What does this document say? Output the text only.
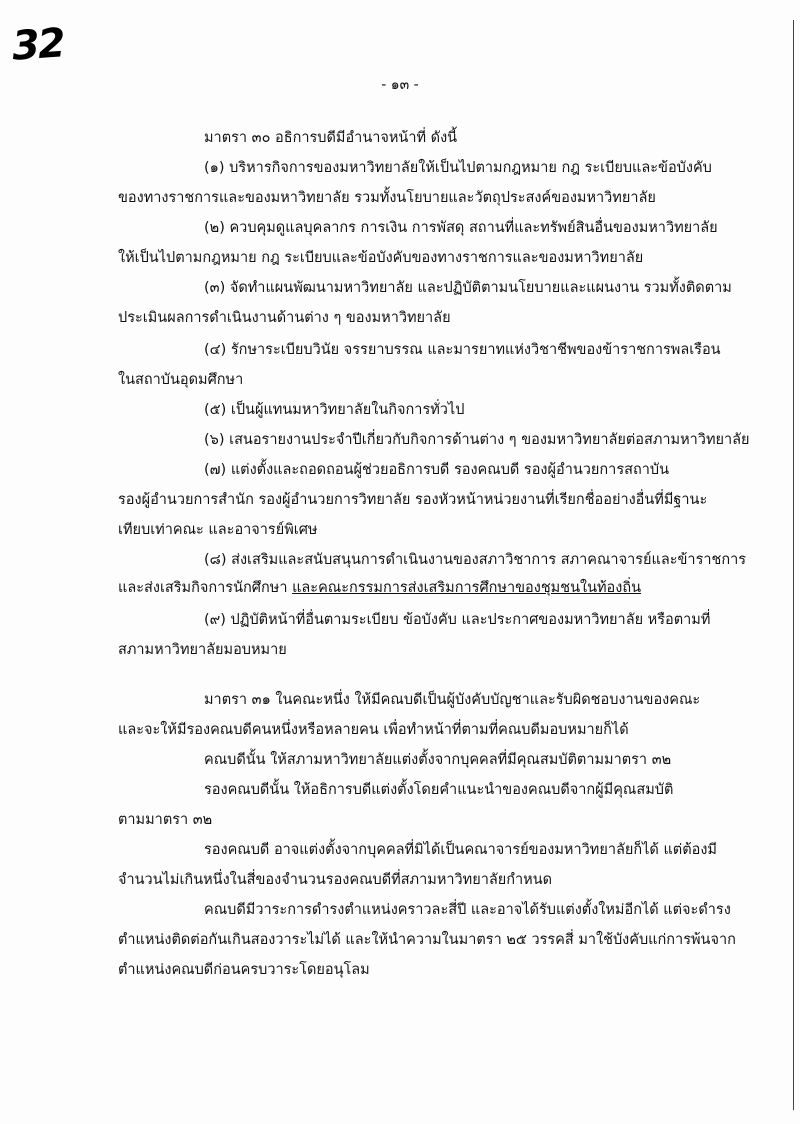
32
- ๑๓ -
มาตรา ๓๐ อธิการบดีมีอำนาจหน้าที่ ดังนี้
(๑) บริหารกิจการของมหาวิทยาลัยให้เป็นไปตามกฎหมาย กฎ ระเบียบและข้อบังคับ
ของทางราชการและของมหาวิทยาลัย รวมทั้งนโยบายและวัตถุประสงค์ของมหาวิทยาลัย
(๒) ควบคุมดูแลบุคลากร การเงิน การพัสดุ สถานที่และทรัพย์สินอื่นของมหาวิทยาลัย
ให้เป็นไปตามกฎหมาย กฎ ระเบียบและข้อบังคับของทางราชการและของมหาวิทยาลัย
(๓) จัดทำแผนพัฒนามหาวิทยาลัย และปฏิบัติตามนโยบายและแผนงาน รวมทั้งติดตาม
ประเมินผลการดำเนินงานด้านต่าง ๆ ของมหาวิทยาลัย
(๔) รักษาระเบียบวินัย จรรยาบรรณ และมารยาทแห่งวิชาชีพของข้าราชการพลเรือน
ในสถาบันอุดมศึกษา
(๕) เป็นผู้แทนมหาวิทยาลัยในกิจการทั่วไป
(๖) เสนอรายงานประจำปีเกี่ยวกับกิจการด้านต่าง ๆ ของมหาวิทยาลัยต่อสภามหาวิทยาลัย
(๗) แต่งตั้งและถอดถอนผู้ช่วยอธิการบดี รองคณบดี รองผู้อำนวยการสถาบัน
รองผู้อำนวยการสำนัก รองผู้อำนวยการวิทยาลัย รองหัวหน้าหน่วยงานที่เรียกชื่ออย่างอื่นที่มีฐานะ
เทียบเท่าคณะ และอาจารย์พิเศษ
(๘) ส่งเสริมและสนับสนุนการดำเนินงานของสภาวิชาการ สภาคณาจารย์และข้าราชการ
และส่งเสริมกิจการนักศึกษา และคณะกรรมการส่งเสริมการศึกษาของชุมชนในท้องถิ่น
(๙) ปฏิบัติหน้าที่อื่นตามระเบียบ ข้อบังคับ และประกาศของมหาวิทยาลัย หรือตามที่
สภามหาวิทยาลัยมอบหมาย
มาตรา ๓๑ ในคณะหนึ่ง ให้มีคณบดีเป็นผู้บังคับบัญชาและรับผิดชอบงานของคณะ
และจะให้มีรองคณบดีคนหนึ่งหรือหลายคน เพื่อทำหน้าที่ตามที่คณบดีมอบหมายก็ได้
คณบดีนั้น ให้สภามหาวิทยาลัยแต่งตั้งจากบุคคลที่มีคุณสมบัติตามมาตรา ๓๒
รองคณบดีนั้น ให้อธิการบดีแต่งตั้งโดยคำแนะนำของคณบดีจากผู้มีคุณสมบัติ
ตามมาตรา ๓๒
รองคณบดี อาจแต่งตั้งจากบุคคลที่มิได้เป็นคณาจารย์ของมหาวิทยาลัยก็ได้ แต่ต้องมี
จำนวนไม่เกินหนึ่งในสี่ของจำนวนรองคณบดีที่สภามหาวิทยาลัยกำหนด
คณบดีมีวาระการดำรงตำแหน่งคราวละสี่ปี และอาจได้รับแต่งตั้งใหม่อีกได้ แต่จะดำรง
ตำแหน่งติดต่อกันเกินสองวาระไม่ได้ และให้นำความในมาตรา ๒๕ วรรคสี่ มาใช้บังคับแก่การพ้นจาก
ตำแหน่งคณบดีก่อนครบวาระโดยอนุโลม
